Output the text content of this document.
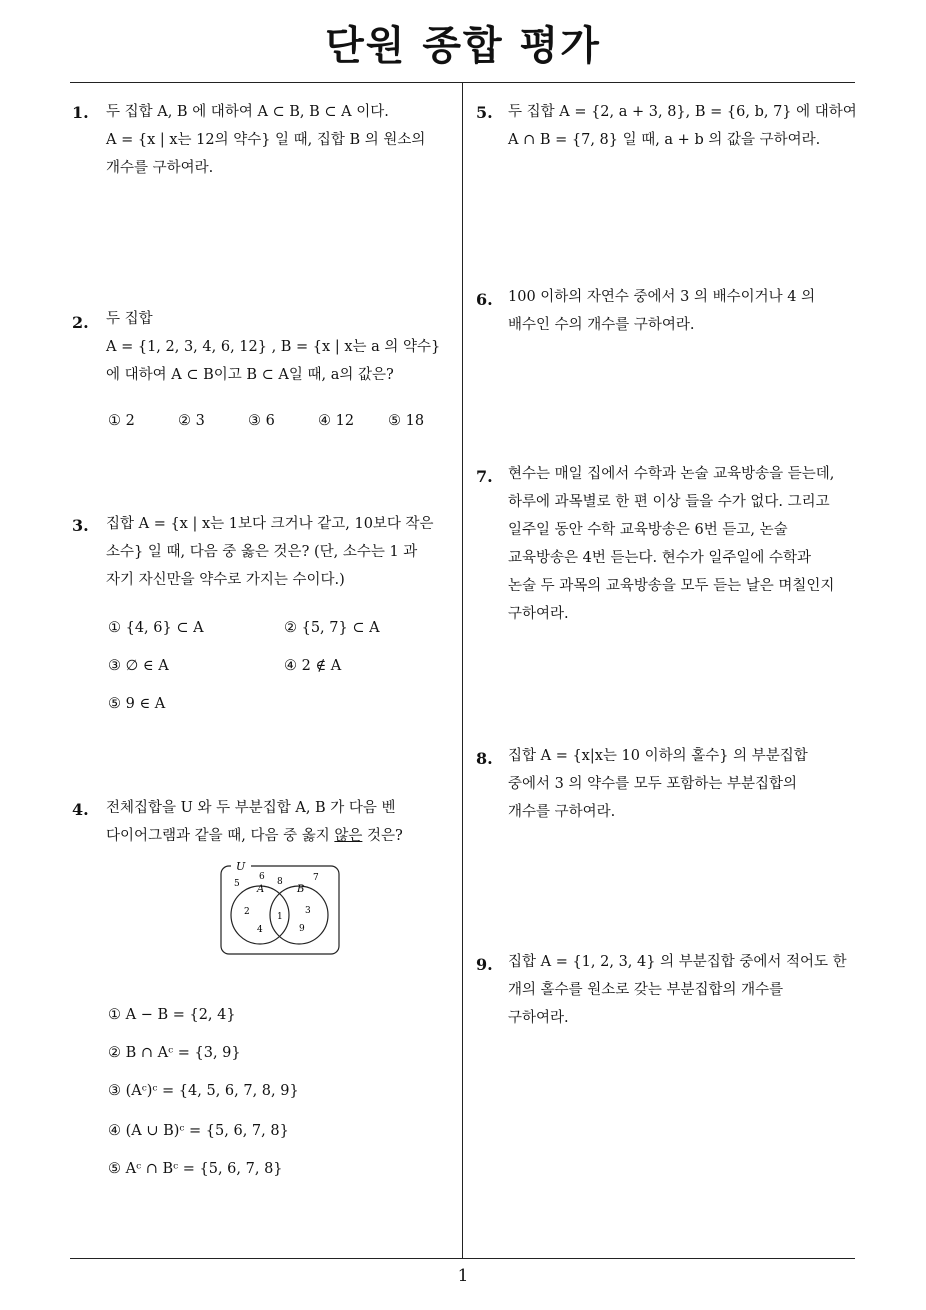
단원 종합 평가
1. 두 집합 A, B 에 대하여 A ⊂ B, B ⊂ A 이다.
A = {x | x는 12의 약수} 일 때, 집합 B 의 원소의
개수를 구하여라.
2. 두 집합
A = {1, 2, 3, 4, 6, 12} , B = {x | x는 a 의 약수}
에 대하여 A ⊂ B이고 B ⊂ A일 때, a의 값은?
① 2	② 3	③ 6	④ 12 ⑤ 18
3. 집합 A = {x | x는 1보다 크거나 같고, 10보다 작은
소수} 일 때, 다음 중 옳은 것은? (단, 소수는 1 과
자기 자신만을 약수로 가지는 수이다.)
① {4, 6} ⊂ A	② {5, 7} ⊂ A
③ ∅ ∈ A	④ 2 ∉ A
⑤ 9 ∈ A
4. 전체집합을 U 와 두 부분집합 A, B 가 다음 벤
다이어그램과 같을 때, 다음 중 옳지 않은 것은?
U
A	B
5
6 8	7
2
4
1
3
9
① A − B = {2, 4}
② B ∩ Aᶜ = {3, 9}
③ (Aᶜ)ᶜ = {4, 5, 6, 7, 8, 9}
④ (A ∪ B)ᶜ = {5, 6, 7, 8}
⑤ Aᶜ ∩ Bᶜ = {5, 6, 7, 8}
5. 두 집합 A = {2, a + 3, 8}, B = {6, b, 7} 에 대하여
A ∩ B = {7, 8} 일 때, a + b 의 값을 구하여라.
6. 100 이하의 자연수 중에서 3 의 배수이거나 4 의
배수인 수의 개수를 구하여라.
7. 현수는 매일 집에서 수학과 논술 교육방송을 듣는데,
하루에 과목별로 한 편 이상 들을 수가 없다. 그리고
일주일 동안 수학 교육방송은 6번 듣고, 논술
교육방송은 4번 듣는다. 현수가 일주일에 수학과
논술 두 과목의 교육방송을 모두 듣는 날은 며칠인지
구하여라.
8. 집합 A = {x|x는 10 이하의 홀수} 의 부분집합
중에서 3 의 약수를 모두 포함하는 부분집합의
개수를 구하여라.
9. 집합 A = {1, 2, 3, 4} 의 부분집합 중에서 적어도 한
개의 홀수를 원소로 갖는 부분집합의 개수를
구하여라.
1
